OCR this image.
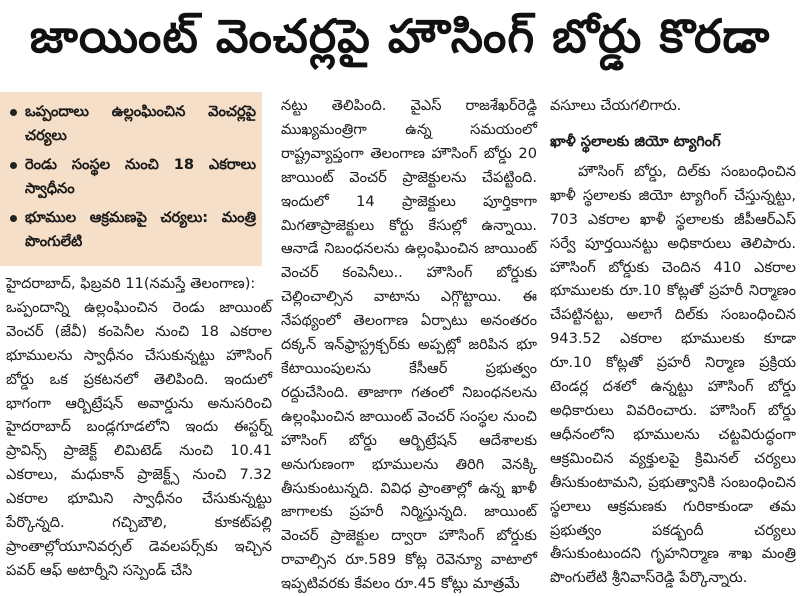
జాయింట్ వెంచర్లపై హౌసింగ్ బోర్డు కొరడా
ఒప్పందాలు ఉల్లంఘించిన వెంచర్లపై చర్యలు
రెండు సంస్థల నుంచి 18 ఎకరాలు స్వాధీనం
భూముల ఆక్రమణపై చర్యలు: మంత్రి పొంగులేటి

హైదరాబాద్, ఫిబ్రవరి 11(నమస్తే తెలంగాణ):

ఒప్పందాన్ని ఉల్లంఘించిన రెండు జాయింట్ వెంచర్ (జేవీ) కంపెనీల నుంచి 18 ఎకరాల భూములను స్వాధీనం చేసుకున్నట్టు హౌసింగ్ బోర్డు ఒక ప్రకటనలో తెలిపింది. ఇందులో భాగంగా ఆర్బిట్రేషన్ అవార్డును అనుసరించి హైదరాబాద్ బండ్లగూడలోని ఇందు ఈస్టర్న్ ప్రావిన్స్ ప్రాజెక్ట్ లిమిటెడ్ నుంచి 10.41 ఎకరాలు, మధుకాన్ ప్రాజెక్ట్స్ నుంచి 7.32 ఎకరాల భూమిని స్వాధీనం చేసుకున్నట్టు పేర్కొన్నది. గచ్చిబౌలి, కూకట్‌పల్లి ప్రాంతాల్లోయూనివర్సల్ డెవలపర్స్‌కు ఇచ్చిన పవర్ ఆఫ్ అటార్నీని సస్పెండ్ చేసి

నట్టు తెలిపింది. వైఎస్ రాజశేఖర్‌రెడ్డి ముఖ్యమంత్రిగా ఉన్న సమయంలో రాష్ట్రవ్యాప్తంగా తెలంగాణ హౌసింగ్ బోర్డు 20 జాయింట్ వెంచర్ ప్రాజెక్టులను చేపట్టింది. ఇందులో 14 ప్రాజెక్టులు పూర్తికాగా మిగతాప్రాజెక్టులు కోర్టు కేసుల్లో ఉన్నాయి. ఆనాడే నిబంధనలను ఉల్లంఘించిన జాయింట్ వెంచర్ కంపెనీలు.. హౌసింగ్ బోర్డుకు చెల్లించాల్సిన వాటాను ఎగ్గొట్టాయి. ఈ నేపథ్యంలో తెలంగాణ ఏర్పాటు అనంతరం దక్కన్ ఇన్‌ఫ్రాస్ట్రక్చర్‌కు అప్పట్లో జరిపిన భూ కేటాయింపులను కేసీఆర్ ప్రభుత్వం రద్దుచేసింది. తాజాగా గతంలో నిబంధనలను ఉల్లంఘించిన జాయింట్ వెంచర్ సంస్థల నుంచి హౌసింగ్ బోర్డు ఆర్బిట్రేషన్ ఆదేశాలకు అనుగుణంగా భూములను తిరిగి వెనక్కి తీసుకుంటున్నది. వివిధ ప్రాంతాల్లో ఉన్న ఖాళీ జాగాలకు ప్రహరీ నిర్మిస్తున్నది. జాయింట్ వెంచర్ ప్రాజెక్టుల ద్వారా హౌసింగ్ బోర్డుకు రావాల్సిన రూ.589 కోట్ల రెవెన్యూ వాటాలో ఇప్పటివరకు కేవలం రూ.45 కోట్లు మాత్రమే

వసూలు చేయగలిగారు.

ఖాళీ స్థలాలకు జియో ట్యాగింగ్

హౌసింగ్ బోర్డు, దిల్‌కు సంబంధించిన ఖాళీ స్థలాలకు జియో ట్యాగింగ్ చేస్తున్నట్టు, 703 ఎకరాల ఖాళీ స్థలాలకు జీపీఆర్ఎస్ సర్వే పూర్తయినట్టు అధికారులు తెలిపారు. హౌసింగ్ బోర్డుకు చెందిన 410 ఎకరాల భూములకు రూ.10 కోట్లతో ప్రహరీ నిర్మాణం చేపట్టినట్టు, అలాగే దిల్‌కు సంబంధించిన 943.52 ఎకరాల భూములకు కూడా రూ.10 కోట్లతో ప్రహరీ నిర్మాణ ప్రక్రియ టెండర్ల దశలో ఉన్నట్టు హౌసింగ్ బోర్డు అధికారులు వివరించారు. హౌసింగ్ బోర్డు ఆధీనంలోని భూములను చట్టవిరుద్ధంగా ఆక్రమించిన వ్యక్తులపై క్రిమినల్ చర్యలు తీసుకుంటామని, ప్రభుత్వానికి సంబంధించిన స్థలాలు ఆక్రమణకు గురికాకుండా తమ ప్రభుత్వం పకడ్బందీ చర్యలు తీసుకుంటుందని గృహనిర్మాణ శాఖ మంత్రి పొంగులేటి శ్రీనివాస్‌రెడ్డి పేర్కొన్నారు.
